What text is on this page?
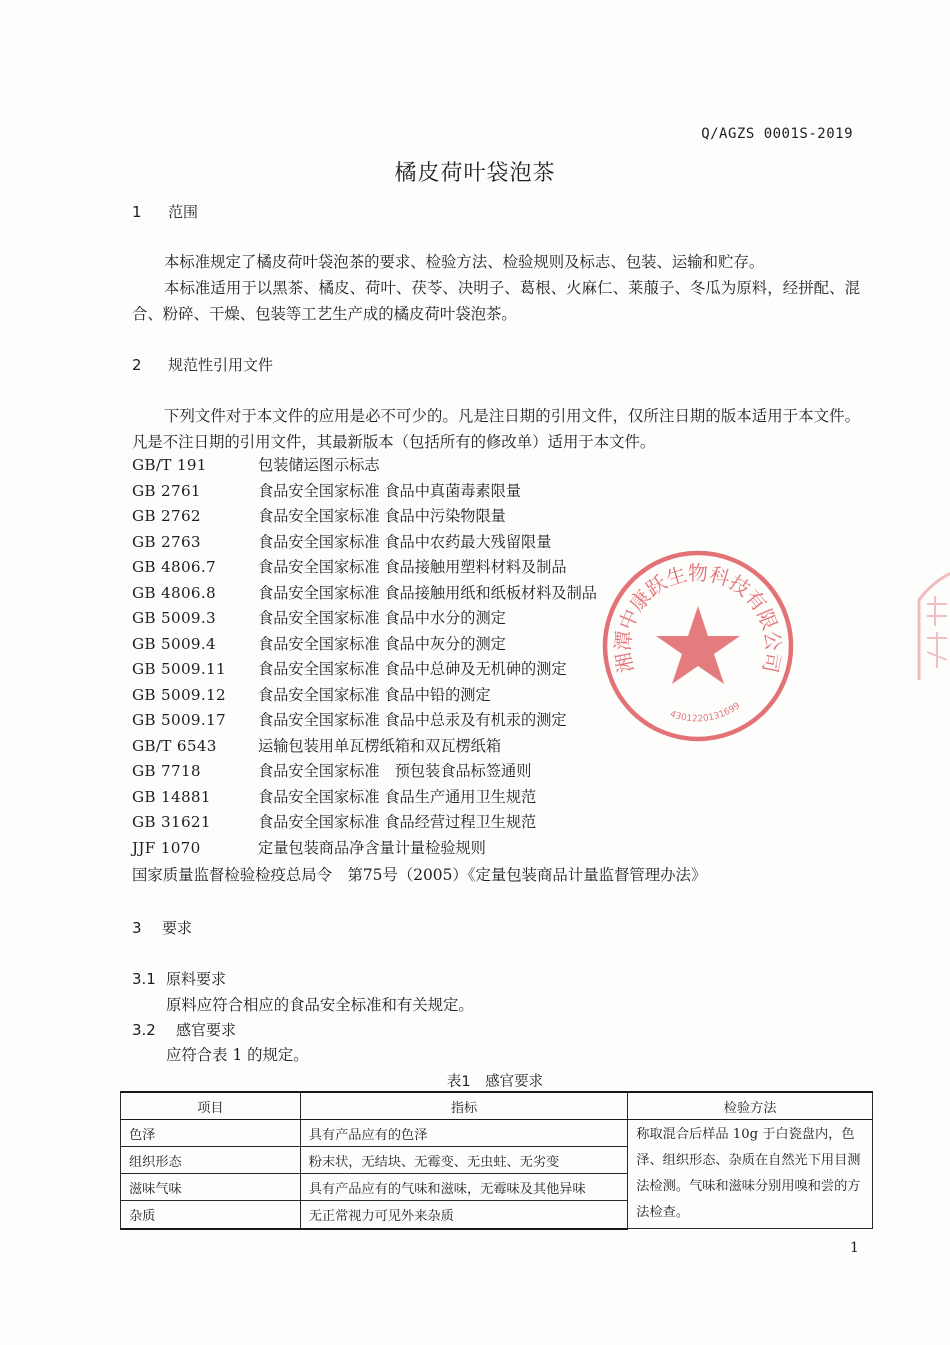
Q/AGZS 0001S-2019
橘皮荷叶袋泡茶
1 范围
本标准规定了橘皮荷叶袋泡茶的要求、检验方法、检验规则及标志、包装、运输和贮存。
本标准适用于以黑茶、橘皮、荷叶、茯苓、决明子、葛根、火麻仁、莱菔子、冬瓜为原料，经拼配、混合、粉碎、干燥、包装等工艺生产成的橘皮荷叶袋泡茶。
2 规范性引用文件
下列文件对于本文件的应用是必不可少的。凡是注日期的引用文件，仅所注日期的版本适用于本文件。凡是不注日期的引用文件，其最新版本（包括所有的修改单）适用于本文件。
GB/T 191	包装储运图示标志
GB 2761	食品安全国家标准 食品中真菌毒素限量
GB 2762	食品安全国家标准 食品中污染物限量
GB 2763	食品安全国家标准 食品中农药最大残留限量
GB 4806.7	食品安全国家标准 食品接触用塑料材料及制品
GB 4806.8	食品安全国家标准 食品接触用纸和纸板材料及制品
GB 5009.3	食品安全国家标准 食品中水分的测定
GB 5009.4	食品安全国家标准 食品中灰分的测定
GB 5009.11 食品安全国家标准 食品中总砷及无机砷的测定
GB 5009.12 食品安全国家标准 食品中铅的测定
GB 5009.17 食品安全国家标准 食品中总汞及有机汞的测定
GB/T 6543	运输包装用单瓦楞纸箱和双瓦楞纸箱
GB 7718	食品安全国家标准　预包装食品标签通则
GB 14881	食品安全国家标准 食品生产通用卫生规范
GB 31621	食品安全国家标准 食品经营过程卫生规范
JJF 1070	定量包装商品净含量计量检验规则
国家质量监督检验检疫总局令　第75号（2005）《定量包装商品计量监督管理办法》
3 要求
3.1 原料要求
原料应符合相应的食品安全标准和有关规定。
3.2 感官要求
应符合表 1 的规定。
表1　感官要求
项目	指标	检验方法
色泽	具有产品应有的色泽	称取混合后样品 10g 于白瓷盘内，色泽、组织形态、杂质在自然光下用目测法检测。气味和滋味分别用嗅和尝的方法检查。
组织形态	粉末状，无结块、无霉变、无虫蛀、无劣变	
滋味气味	具有产品应有的气味和滋味，无霉味及其他异味	
杂质	无正常视力可见外来杂质	
1
湘潭中康跃生物科技有限公司
4301220131699
